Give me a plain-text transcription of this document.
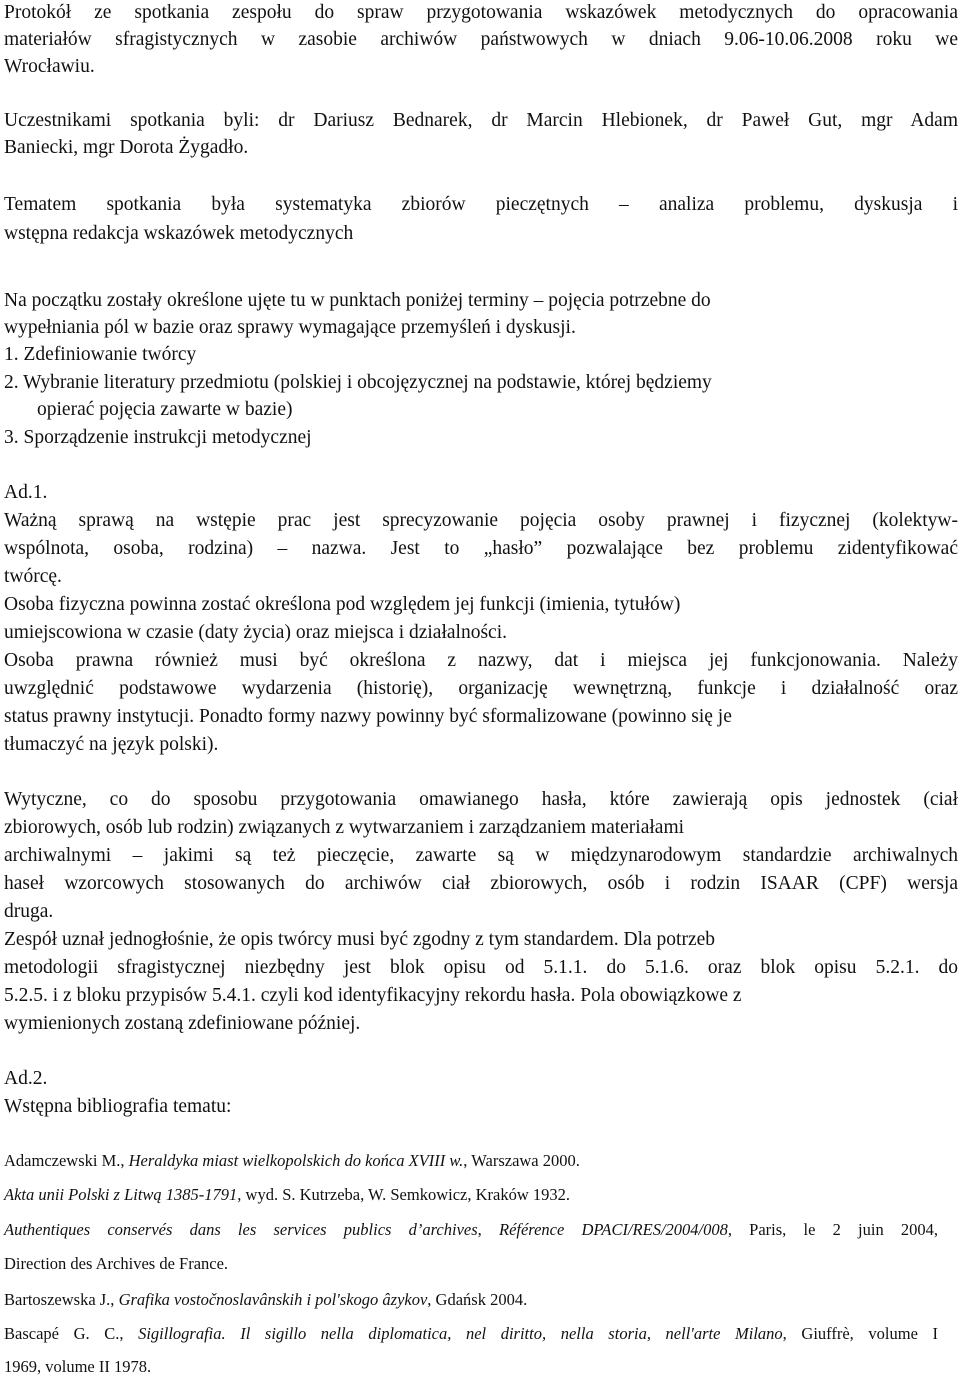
Protokół ze spotkania zespołu do spraw przygotowania wskazówek metodycznych do opracowania
materiałów sfragistycznych w zasobie archiwów państwowych w dniach 9.06-10.06.2008 roku we
Wrocławiu.
Uczestnikami spotkania byli: dr Dariusz Bednarek, dr Marcin Hlebionek, dr Paweł Gut, mgr Adam
Baniecki, mgr Dorota Żygadło.
Tematem spotkania była systematyka zbiorów pieczętnych – analiza problemu, dyskusja i
wstępna redakcja wskazówek metodycznych
Na początku zostały określone ujęte tu w punktach poniżej terminy – pojęcia potrzebne do
wypełniania pól w bazie oraz sprawy wymagające przemyśleń i dyskusji.
1. Zdefiniowanie twórcy
2. Wybranie literatury przedmiotu (polskiej i obcojęzycznej na podstawie, której będziemy
opierać pojęcia zawarte w bazie)
3. Sporządzenie instrukcji metodycznej
Ad.1.
Ważną sprawą na wstępie prac jest sprecyzowanie pojęcia osoby prawnej i fizycznej (kolektyw-
wspólnota, osoba, rodzina) – nazwa. Jest to „hasło” pozwalające bez problemu zidentyfikować
twórcę.
Osoba fizyczna powinna zostać określona pod względem jej funkcji (imienia, tytułów)
umiejscowiona w czasie (daty życia) oraz miejsca i działalności.
Osoba prawna również musi być określona z nazwy, dat i miejsca jej funkcjonowania. Należy
uwzględnić podstawowe wydarzenia (historię), organizację wewnętrzną, funkcje i działalność oraz
status prawny instytucji. Ponadto formy nazwy powinny być sformalizowane (powinno się je
tłumaczyć na język polski).
Wytyczne, co do sposobu przygotowania omawianego hasła, które zawierają opis jednostek (ciał
zbiorowych, osób lub rodzin) związanych z wytwarzaniem i zarządzaniem materiałami
archiwalnymi – jakimi są też pieczęcie, zawarte są w międzynarodowym standardzie archiwalnych
haseł wzorcowych stosowanych do archiwów ciał zbiorowych, osób i rodzin ISAAR (CPF) wersja
druga.
Zespół uznał jednogłośnie, że opis twórcy musi być zgodny z tym standardem. Dla potrzeb
metodologii sfragistycznej niezbędny jest blok opisu od 5.1.1. do 5.1.6. oraz blok opisu 5.2.1. do
5.2.5. i z bloku przypisów 5.4.1. czyli kod identyfikacyjny rekordu hasła. Pola obowiązkowe z
wymienionych zostaną zdefiniowane później.
Ad.2.
Wstępna bibliografia tematu:
Adamczewski M., Heraldyka miast wielkopolskich do końca XVIII w., Warszawa 2000.
Akta unii Polski z Litwą 1385-1791, wyd. S. Kutrzeba, W. Semkowicz, Kraków 1932.
Authentiques conservés dans les services publics d’archives, Référence DPACI/RES/2004/008, Paris, le 2 juin 2004,
Direction des Archives de France.
Bartoszewska J., Grafika vostočnoslavânskih i pol'skogo âzykov, Gdańsk 2004.
Bascapé G. C., Sigillografia. Il sigillo nella diplomatica, nel diritto, nella storia, nell'arte Milano, Giuffrè, volume I
1969, volume II 1978.
